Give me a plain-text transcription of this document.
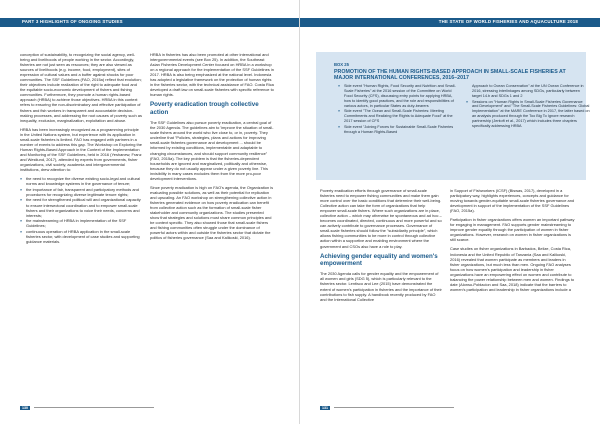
PART 3 HIGHLIGHTS OF ONGOING STUDIES

conception of sustainability, to recognizing the social agency, well-being and livelihoods of people working in the sector. Accordingly, fisheries are not just seen as resources; they are also viewed as sources of livelihoods (e.g. income, food, employment), sites of expression of cultural values and a buffer against shocks for poor communities. The SSF Guidelines (FAO, 2015a) reflect that evolution; their objectives include realization of the right to adequate food and the equitable socio-economic development of fishers and fishing communities. Furthermore, they promote a human rights-based approach (HRBA) to achieve those objectives. HRBA in this context refers to ensuring the non-discriminatory and effective participation of fishers and fish workers in transparent and accountable decision-making processes, and addressing the root causes of poverty such as inequality, exclusion, marginalization, exploitation and abuse.

HRBA has been increasingly recognized as a programming principle in the United Nations system, but experience with its application in small-scale fisheries is limited. FAO has engaged with partners in a number of events to address this gap. The Workshop on Exploring the Human Rights-Based Approach in the Context of the Implementation and Monitoring of the SSF Guidelines, held in 2016 (Yeshanew, Franz and Westlund, 2017), attended by experts from governments, fisher organizations, civil society, academia and intergovernmental institutions, drew attention to:

» the need to recognize the diverse existing socio-legal and cultural norms and knowledge systems in the governance of tenure;
» the importance of fair, transparent and participatory methods and procedures for recognizing diverse legitimate tenure rights;
» the need for strengthened political will and organizational capacity to ensure intersectoral coordination and to empower small-scale fishers and their organizations to voice their needs, concerns and interests;
» the mainstreaming of HRBA in implementation of the SSF Guidelines;
» continuous operation of HRBA application in the small-scale fisheries sector, with development of case studies and supporting guidance materials.

HRBA in fisheries has also been promoted at other international and intergovernmental events (see Box 25). In addition, the Southeast Asian Fisheries Development Center focused on HRBA in a workshop on a regional approach for the implementation of the SSF Guidelines in 2017. HRBA is also being emphasized at the national level. Indonesia has adopted a legislative framework on the protection of human rights in the fisheries sector, with the technical assistance of FAO. Costa Rica developed a draft law on small-scale fisheries with specific reference to human rights.

Poverty eradication trough collective action

The SSF Guidelines also pursue poverty eradication, a central goal of the 2030 Agenda. The guidelines aim to 'improve the situation of small-scale fishers around the world who live close to, or in, poverty. They underline that "Policies, strategies, plans and actions for improving small-scale fisheries governance and development ... should be informed by existing conditions, implementable and adaptable to changing circumstances, and should support community resilience" (FAO, 2015a). The key problem is that the fisheries-dependent households are ignored and marginalized, politically and otherwise, because they do not usually appear under a given poverty line. This invisibility in many cases excludes them from the more pro-poor development interventions.

Since poverty eradication is high on FAO's agenda, the Organization is evaluating possible solutions, as well as their potential for replication and upscaling. An FAO workshop on strengthening collective action in fisheries generated evidence on how poverty eradication can benefit from collective action such as the formation of small-scale fisher stakeholder and community organizations. The studies presented show that strategies and solutions must share common principles and be context specific. They also showed those that small-scale fishers and fishing communities often struggle under the dominance of powerful actors within and outside the fisheries sector that dictate the politics of fisheries governance (Saa and Kalikoski, 2016).

130
THE STATE OF WORLD FISHERIES AND AQUACULTURE 2018
BOX 25
PROMOTION OF THE HUMAN RIGHTS-BASED APPROACH IN SMALL-SCALE FISHERIES AT MAJOR INTERNATIONAL CONFERENCES, 2016–2017
» Side event "Human Rights, Food Security and Nutrition and Small-Scale Fisheries" at the 2016 session of the Committee on World Food Security (CFS), discussing entry points for applying HRBA, how to identify good practices, and the role and responsibilities of various actors, in particular States as duty-bearers
» Side event "The Ocean and Small-Scale Fisheries: Meeting Commitments and Realizing the Rights to Adequate Food" at the 2017 session of CFS
» Side event "Joining Forces for Sustainable Small-Scale Fisheries through a Human Rights-Based

Approach to Ocean Conservation" at the UN Ocean Conference in 2016, stressing interlinkages among SDGs, particularly between target 14.b and SDGs 1 and 2

» Sessions on "Human Rights in Small-Scale Fisheries Governance and Development" and "The Small-Scale Fisheries Guidelines: Global Implementation" at the MARE Conference in 2017, the latter based on an analysis produced through the Too Big To Ignore research partnership (Jentoft et al., 2017) which includes three chapters specifically addressing HRBA

Poverty eradication efforts through governance of small-scale fisheries need to empower fishing communities and make them gain more control over the basic conditions that determine their well-being. Collective action can take the form of organizations that help empower small-scale fishers. Where such organizations are in place, collective action – which may otherwise be spontaneous and ad hoc – becomes coordinated, directed, continuous and more powerful and so can actively contribute to governance processes. Governance of small-scale fisheries should follow the "subsidiarity principle", which allows fishing communities to be more in control through collective action within a supportive and enabling environment where the government and CSOs also have a role to play.

Achieving gender equality and women's empowerment

The 2030 Agenda calls for gender equality and the empowerment of all women and girls (SDG 5), which is particularly relevant to the fisheries sector. Lentisco and Lee (2015) have demonstrated the extent of women's participation in fisheries and the importance of their contributions to fish supply. A handbook recently produced by FAO and the International Collective

in Support of Fishworkers (ICSF) (Biswas, 2017), developed in a participatory way, highlights experiences, concepts and guidance for moving towards gender-equitable small-scale fisheries governance and development in support of the implementation of the SSF Guidelines (FAO, 2015a).

Participation in fisher organizations offers women an important pathway for engaging in management. FAO supports gender mainstreaming to improve gender equality through the participation of women in fisher organizations. However, research on women in fisher organizations is still scarce.

Case studies on fisher organizations in Barbados, Belize, Costa Rica, Indonesia and the United Republic of Tanzania (Saa and Kalikoski, 2016) revealed that women participate as members and leaders in fisher organizations, but much less than men. Ongoing FAO analyses focus on how women's participation and leadership in fisher organizations have an empowering effect on women and contribute to balancing the power relationship between men and women. Findings to date (Alonso-Poblacion and Saa, 2018) indicate that the barriers to women's participation and leadership in fisher organizations include a

131
